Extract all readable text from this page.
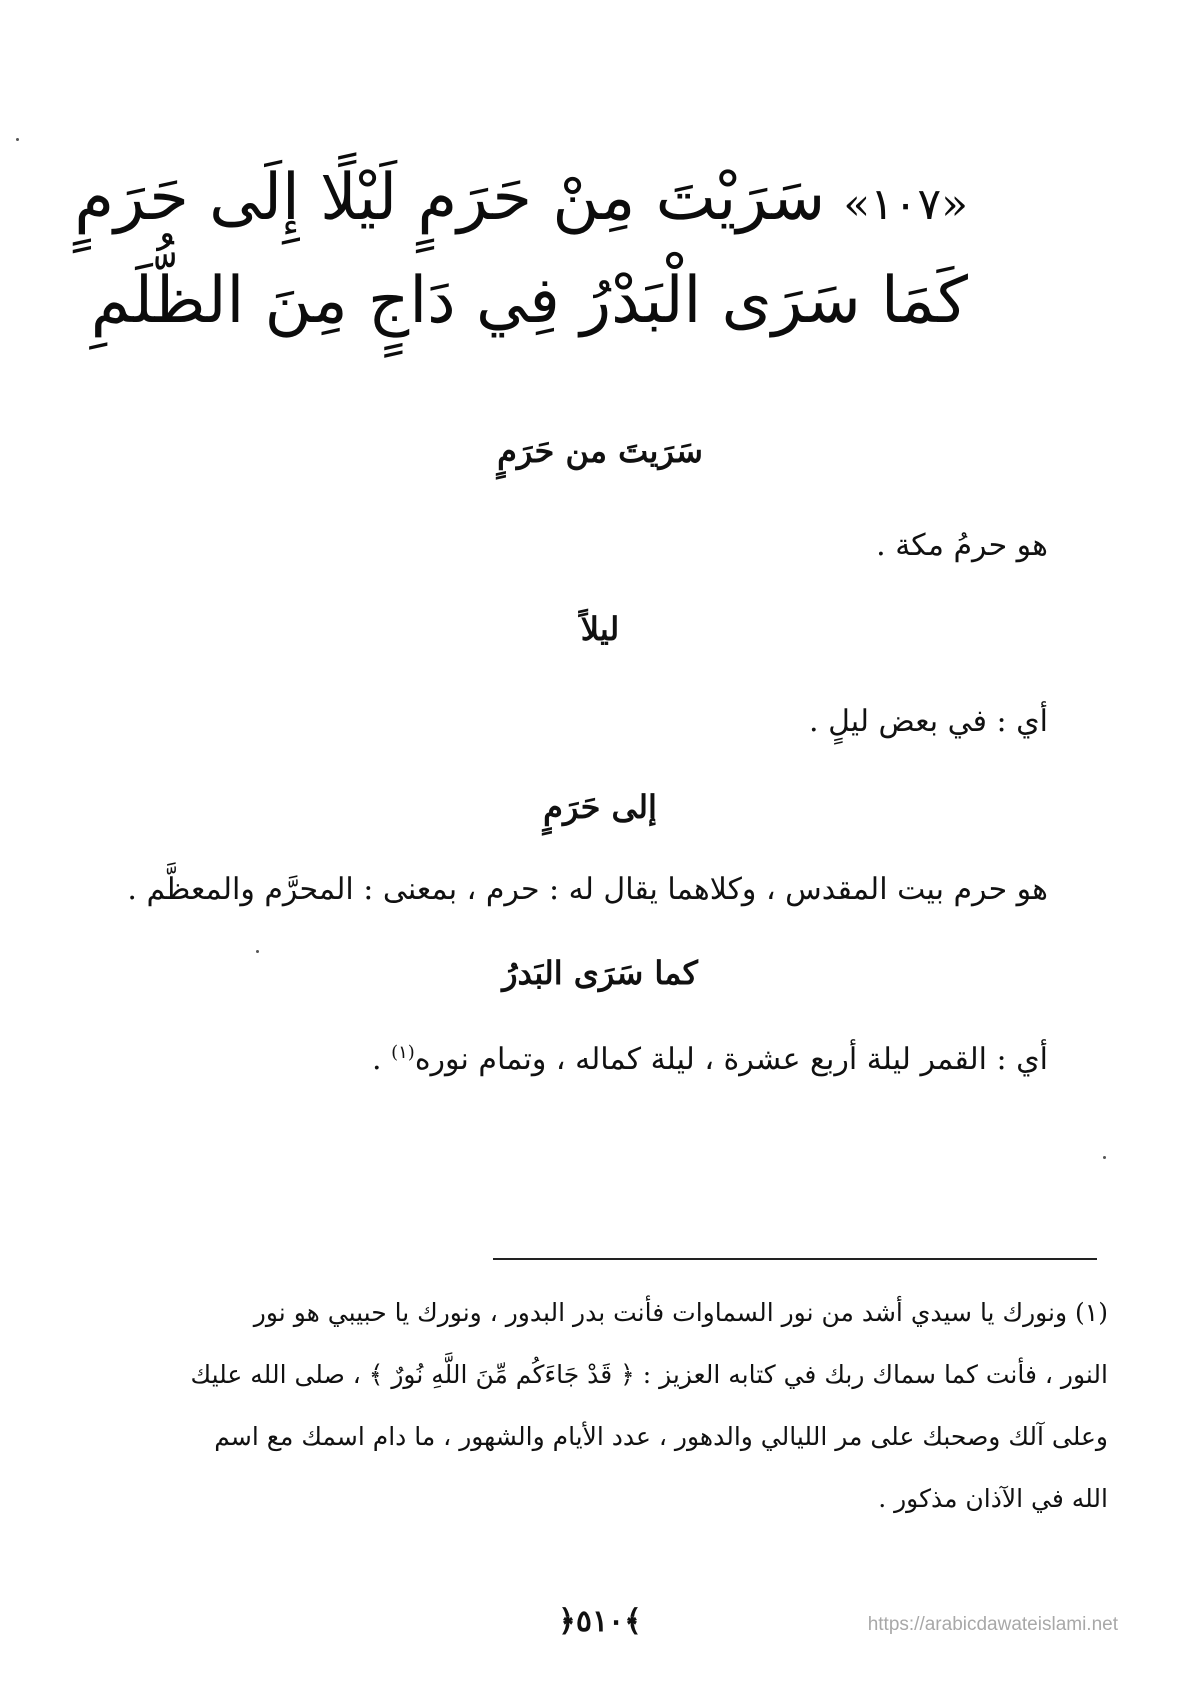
«١٠٧»سَرَيْتَ مِنْ حَرَمٍ لَيْلًا إِلَى حَرَمٍ
كَمَا سَرَى الْبَدْرُ فِي دَاجٍ مِنَ الظُّلَمِ
سَرَيتَ من حَرَمٍ
هو حرمُ مكة .
ليلاً
أي : في بعض ليلٍ .
إلى حَرَمٍ
هو حرم بيت المقدس ، وكلاهما يقال له : حرم ، بمعنى : المحرَّم والمعظَّم .
كما سَرَى البَدرُ
أي : القمر ليلة أربع عشرة ، ليلة كماله ، وتمام نوره$^{(١)}$ .
(١) ونورك يا سيدي أشد من نور السماوات فأنت بدر البدور ، ونورك يا حبيبي هو نور
النور ، فأنت كما سماك ربك في كتابه العزيز : ﴿ قَدْ جَاءَكُم مِّنَ اللَّهِ نُورٌ ﴾ ، صلى الله عليك
وعلى آلك وصحبك على مر الليالي والدهور ، عدد الأيام والشهور ، ما دام اسمك مع اسم
الله في الآذان مذكور .
﴿٥١٠﴾	https://arabicdawateislami.net
